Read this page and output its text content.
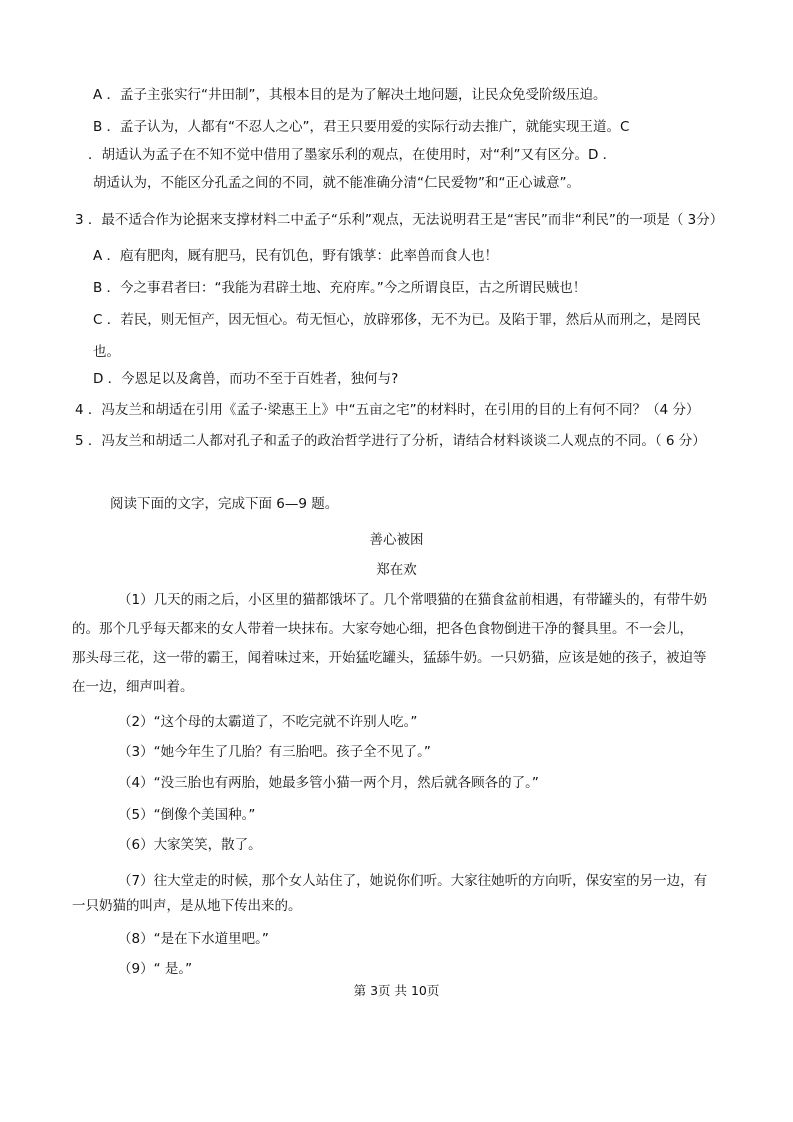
A ．孟子主张实行“井田制”，其根本目的是为了解决土地问题，让民众免受阶级压迫。
B ．孟子认为，人都有“不忍人之心”，君王只要用爱的实际行动去推广，就能实现王道。C
．胡适认为孟子在不知不觉中借用了墨家乐利的观点，在使用时，对“利”又有区分。D ．
胡适认为，不能区分孔孟之间的不同，就不能准确分清“仁民爱物”和“正心诚意”。
3 ．最不适合作为论据来支撑材料二中孟子“乐利”观点，无法说明君王是“害民”而非“利民”的一项是（ 3分）
A ．庖有肥肉，厩有肥马，民有饥色，野有饿莩：此率兽而食人也！
B ．今之事君者曰：“我能为君辟土地、充府库。”今之所谓良臣，古之所谓民贼也！
C ．若民，则无恒产，因无恒心。苟无恒心，放辟邪侈，无不为已。及陷于罪，然后从而刑之，是罔民
也。
D ．今恩足以及禽兽，而功不至于百姓者，独何与?
4 ．冯友兰和胡适在引用《孟子·梁惠王上》中“五亩之宅”的材料时，在引用的目的上有何不同？（4 分）
5 ．冯友兰和胡适二人都对孔子和孟子的政治哲学进行了分析，请结合材料谈谈二人观点的不同。（ 6 分）
阅读下面的文字，完成下面 6—9 题。
善心被困
郑在欢
（1）几天的雨之后，小区里的猫都饿坏了。几个常喂猫的在猫食盆前相遇，有带罐头的，有带牛奶
的。那个几乎每天都来的女人带着一块抹布。大家夸她心细，把各色食物倒进干净的餐具里。不一会儿，
那头母三花，这一带的霸王，闻着味过来，开始猛吃罐头，猛舔牛奶。一只奶猫，应该是她的孩子，被迫等
在一边，细声叫着。
（2）“这个母的太霸道了，不吃完就不许别人吃。”
（3）“她今年生了几胎？有三胎吧。孩子全不见了。”
（4）“没三胎也有两胎，她最多管小猫一两个月，然后就各顾各的了。”
（5）“倒像个美国种。”
（6）大家笑笑，散了。
（7）往大堂走的时候，那个女人站住了，她说你们听。大家往她听的方向听，保安室的另一边，有
一只奶猫的叫声，是从地下传出来的。
（8）“是在下水道里吧。”
（9）“ 是。”
第 3页 共 10页
